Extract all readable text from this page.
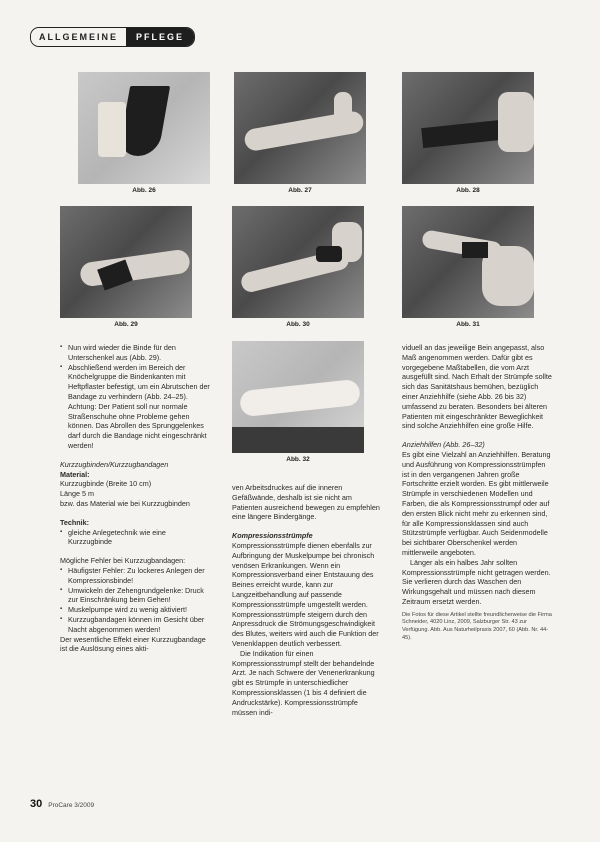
ALLGEMEINE	PFLEGE
Abb. 26	Abb. 27	Abb. 28
Abb. 29	Abb. 30	Abb. 31
Abb. 32

▪ Nun wird wieder die Binde für den Unterschenkel aus (Abb. 29).

▪ Abschließend werden im Bereich der Knöchelgruppe die Bindenkanten mit Heftpflaster befestigt, um ein Abrutschen der Bandage zu verhindern (Abb. 24–25). Achtung: Der Patient soll nur normale Straßenschuhe ohne Probleme gehen können. Das Abrollen des Sprunggelenkes darf durch die Bandage nicht eingeschränkt werden!

Kurzzugbinden/Kurzzugbandagen

Material:

Kurzzugbinde (Breite 10 cm)

Länge 5 m

bzw. das Material wie bei Kurzzugbinden

Technik:

▪ gleiche Anlegetechnik wie eine Kurzzugbinde

Mögliche Fehler bei Kurzzugbandagen:

▪ Häufigster Fehler: Zu lockeres Anlegen der Kompressionsbinde!

▪ Umwickeln der Zehengrundgelenke: Druck zur Einschränkung beim Gehen!

▪ Muskelpumpe wird zu wenig aktiviert!

▪ Kurzzugbandagen können im Gesicht über Nacht abgenommen werden!

Der wesentliche Effekt einer Kurzzugbandage ist die Auslösung eines akti-

ven Arbeitsdruckes auf die inneren Gefäßwände, deshalb ist sie nicht am Patienten ausreichend bewegen zu empfehlen eine längere Bindergänge.

Kompressionsstrümpfe

Kompressionsstrümpfe dienen ebenfalls zur Aufbringung der Muskelpumpe bei chronisch venösen Erkrankungen. Wenn ein Kompressionsverband einer Entstauung des Beines erreicht wurde, kann zur Langzeitbehandlung auf passende Kompressionsstrümpfe umgestellt werden. Kompressionsstrümpfe steigern durch den Anpressdruck die Strömungsgeschwindigkeit des Blutes, weiters wird auch die Funktion der Venenklappen deutlich verbessert.

Die Indikation für einen Kompressionsstrumpf stellt der behandelnde Arzt. Je nach Schwere der Venenerkrankung gibt es Strümpfe in unterschiedlicher Kompressionsklassen (1 bis 4 definiert die Andruckstärke). Kompressionsstrümpfe müssen indi-

viduell an das jeweilige Bein angepasst, also Maß angenommen werden. Dafür gibt es vorgegebene Maßtabellen, die vom Arzt ausgefüllt sind. Nach Erhalt der Strümpfe sollte sich das Sanitätshaus bemühen, bezüglich einer Anziehhilfe (siehe Abb. 26 bis 32) umfassend zu beraten. Besonders bei älteren Patienten mit eingeschränkter Beweglichkeit sind solche Anziehhilfen eine große Hilfe.

Anziehhilfen (Abb. 26–32)

Es gibt eine Vielzahl an Anziehhilfen. Beratung und Ausführung von Kompressionsstrümpfen ist in den vergangenen Jahren große Fortschritte erzielt worden. Es gibt mittlerweile Strümpfe in verschiedenen Modellen und Farben, die als Kompressionsstrumpf oder auf den ersten Blick nicht mehr zu erkennen sind, für alle Kompressionsklassen sind auch Stützstrümpfe verfügbar. Auch Seidenmodelle bei sichtbarer Oberschenkel werden mittlerweile angeboten.

Länger als ein halbes Jahr sollten Kompressionsstrümpfe nicht getragen werden. Sie verlieren durch das Waschen den Wirkungsgehalt und müssen nach diesem Zeitraum ersetzt werden.

Die Fotos für diese Artikel stellte freundlicherweise die Firma Schneider, 4020 Linz, 2009, Salzburger Str. 43 zur Verfügung. Abb. Aus Naturheilpraxis 2007, 60 (Abb. Nr. 44-45).

30 ProCare 3/2009
